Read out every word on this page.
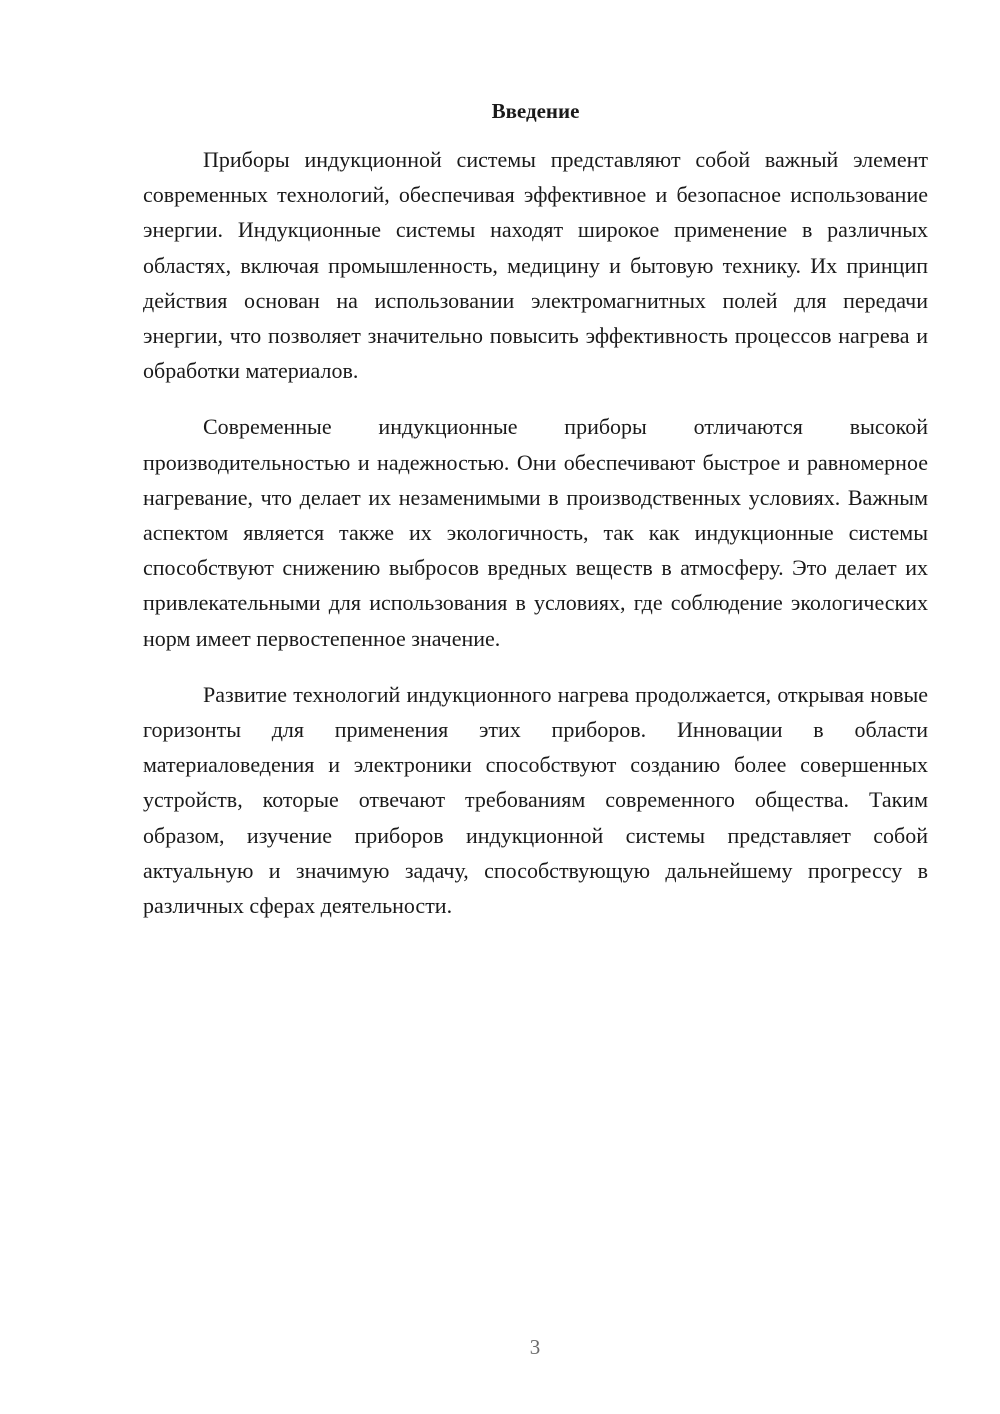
Введение

Приборы индукционной системы представляют собой важный элемент современных технологий, обеспечивая эффективное и безопасное использование энергии. Индукционные системы находят широкое применение в различных областях, включая промышленность, медицину и бытовую технику. Их принцип действия основан на использовании электромагнитных полей для передачи энергии, что позволяет значительно повысить эффективность процессов нагрева и обработки материалов.

Современные индукционные приборы отличаются высокой производительностью и надежностью. Они обеспечивают быстрое и равномерное нагревание, что делает их незаменимыми в производственных условиях. Важным аспектом является также их экологичность, так как индукционные системы способствуют снижению выбросов вредных веществ в атмосферу. Это делает их привлекательными для использования в условиях, где соблюдение экологических норм имеет первостепенное значение.

Развитие технологий индукционного нагрева продолжается, открывая новые горизонты для применения этих приборов. Инновации в области материаловедения и электроники способствуют созданию более совершенных устройств, которые отвечают требованиям современного общества. Таким образом, изучение приборов индукционной системы представляет собой актуальную и значимую задачу, способствующую дальнейшему прогрессу в различных сферах деятельности.

3
